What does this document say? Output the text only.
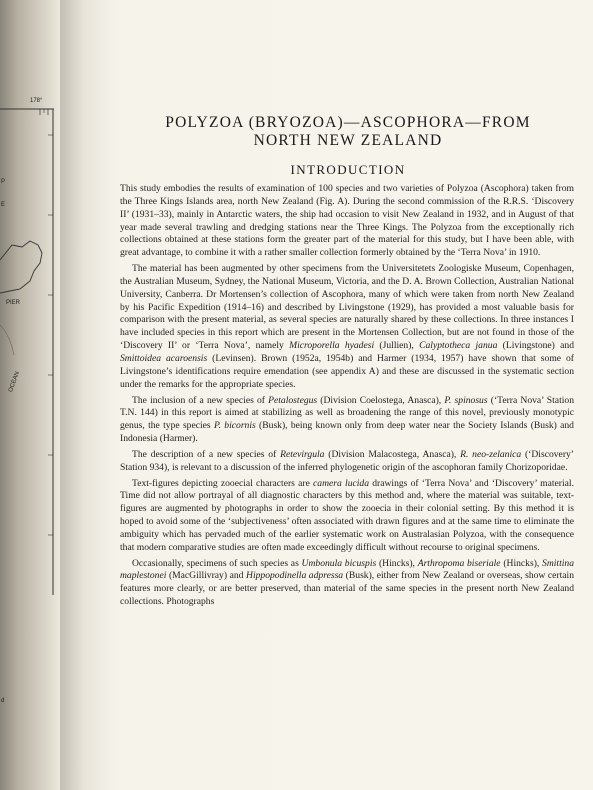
178°
PIER
OCEAN
P
E
d
POLYZOA (BRYOZOA)—ASCOPHORA—FROM
NORTH NEW ZEALAND
INTRODUCTION

This study embodies the results of examination of 100 species and two varieties of Polyzoa (Ascophora) taken from the Three Kings Islands area, north New Zealand (Fig. A). During the second commission of the R.R.S. ‘Discovery II’ (1931–33), mainly in Antarctic waters, the ship had occasion to visit New Zealand in 1932, and in August of that year made several trawling and dredging stations near the Three Kings. The Polyzoa from the exceptionally rich collections obtained at these stations form the greater part of the material for this study, but I have been able, with great advantage, to combine it with a rather smaller collection formerly obtained by the ‘Terra Nova’ in 1910.

The material has been augmented by other specimens from the Universitetets Zoologiske Museum, Copenhagen, the Australian Museum, Sydney, the National Museum, Victoria, and the D. A. Brown Collection, Australian National University, Canberra. Dr Mortensen’s collection of Ascophora, many of which were taken from north New Zealand by his Pacific Expedition (1914–16) and described by Livingstone (1929), has provided a most valuable basis for comparison with the present material, as several species are naturally shared by these collections. In three instances I have included species in this report which are present in the Mortensen Collection, but are not found in those of the ‘Discovery II’ or ‘Terra Nova’, namely Microporella hyadesi (Jullien), Calyptotheca janua (Livingstone) and Smittoidea acaroensis (Levinsen). Brown (1952a, 1954b) and Harmer (1934, 1957) have shown that some of Livingstone’s identifications require emendation (see appendix A) and these are discussed in the systematic section under the remarks for the appropriate species.

The inclusion of a new species of Petalostegus (Division Coelostega, Anasca), P. spinosus (‘Terra Nova’ Station T.N. 144) in this report is aimed at stabilizing as well as broadening the range of this novel, previously monotypic genus, the type species P. bicornis (Busk), being known only from deep water near the Society Islands (Busk) and Indonesia (Harmer).

The description of a new species of Retevirgula (Division Malacostega, Anasca), R. neo-zelanica (‘Discovery’ Station 934), is relevant to a discussion of the inferred phylogenetic origin of the ascophoran family Chorizoporidae.

Text-figures depicting zooecial characters are camera lucida drawings of ‘Terra Nova’ and ‘Discovery’ material. Time did not allow portrayal of all diagnostic characters by this method and, where the material was suitable, text-figures are augmented by photographs in order to show the zooecia in their colonial setting. By this method it is hoped to avoid some of the ‘subjectiveness’ often associated with drawn figures and at the same time to eliminate the ambiguity which has pervaded much of the earlier systematic work on Australasian Polyzoa, with the consequence that modern comparative studies are often made exceedingly difficult without recourse to original specimens.

Occasionally, specimens of such species as Umbonula bicuspis (Hincks), Arthropoma biseriale (Hincks), Smittina maplestonei (MacGillivray) and Hippopodinella adpressa (Busk), either from New Zealand or overseas, show certain features more clearly, or are better preserved, than material of the same species in the present north New Zealand collections. Photographs
